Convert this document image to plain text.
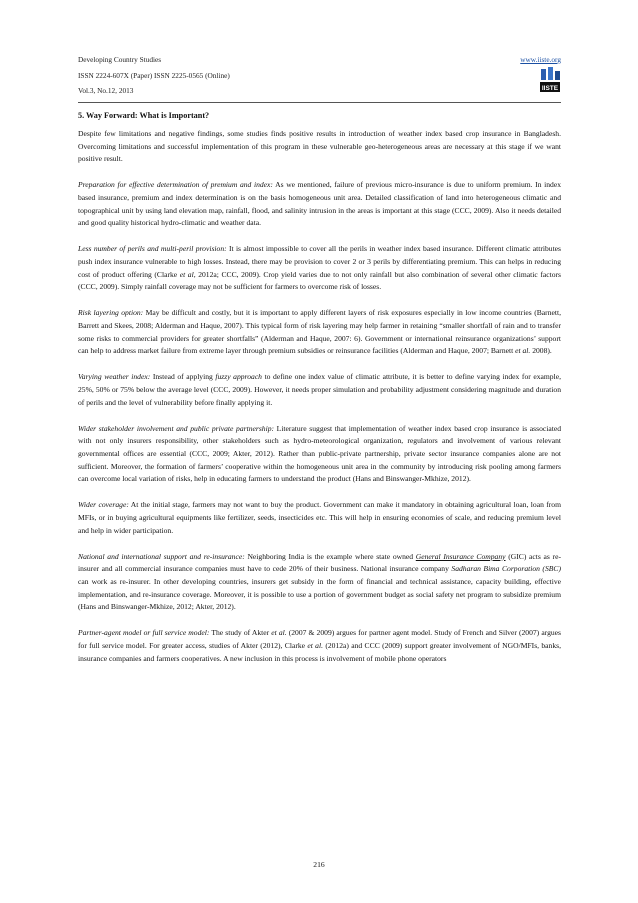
Developing Country Studies
ISSN 2224-607X (Paper) ISSN 2225-0565 (Online)
Vol.3, No.12, 2013
www.iiste.org
IISTE
5. Way Forward: What is Important?

Despite few limitations and negative findings, some studies finds positive results in introduction of weather index based crop insurance in Bangladesh. Overcoming limitations and successful implementation of this program in these vulnerable geo-heterogeneous areas are necessary at this stage if we want positive result.

Preparation for effective determination of premium and index: As we mentioned, failure of previous micro-insurance is due to uniform premium. In index based insurance, premium and index determination is on the basis homogeneous unit area. Detailed classification of land into heterogeneous climatic and topographical unit by using land elevation map, rainfall, flood, and salinity intrusion in the areas is important at this stage (CCC, 2009). Also it needs detailed and good quality historical hydro-climatic and weather data.

Less number of perils and multi-peril provision: It is almost impossible to cover all the perils in weather index based insurance. Different climatic attributes push index insurance vulnerable to high losses. Instead, there may be provision to cover 2 or 3 perils by differentiating premium. This can helps in reducing cost of product offering (Clarke et al, 2012a; CCC, 2009). Crop yield varies due to not only rainfall but also combination of several other climatic factors (CCC, 2009). Simply rainfall coverage may not be sufficient for farmers to overcome risk of losses.

Risk layering option: May be difficult and costly, but it is important to apply different layers of risk exposures especially in low income countries (Barnett, Barrett and Skees, 2008; Alderman and Haque, 2007). This typical form of risk layering may help farmer in retaining “smaller shortfall of rain and to transfer some risks to commercial providers for greater shortfalls” (Alderman and Haque, 2007: 6). Government or international reinsurance organizations’ support can help to address market failure from extreme layer through premium subsidies or reinsurance facilities (Alderman and Haque, 2007; Barnett et al. 2008).

Varying weather index: Instead of applying fuzzy approach to define one index value of climatic attribute, it is better to define varying index for example, 25%, 50% or 75% below the average level (CCC, 2009). However, it needs proper simulation and probability adjustment considering magnitude and duration of perils and the level of vulnerability before finally applying it.

Wider stakeholder involvement and public private partnership: Literature suggest that implementation of weather index based crop insurance is associated with not only insurers responsibility, other stakeholders such as hydro-meteorological organization, regulators and involvement of various relevant governmental offices are essential (CCC, 2009; Akter, 2012). Rather than public-private partnership, private sector insurance companies alone are not sufficient. Moreover, the formation of farmers’ cooperative within the homogeneous unit area in the community by introducing risk pooling among farmers can overcome local variation of risks, help in educating farmers to understand the product (Hans and Binswanger-Mkhize, 2012).

Wider coverage: At the initial stage, farmers may not want to buy the product. Government can make it mandatory in obtaining agricultural loan, loan from MFIs, or in buying agricultural equipments like fertilizer, seeds, insecticides etc. This will help in ensuring economies of scale, and reducing premium level and help in wider participation.

National and international support and re-insurance: Neighboring India is the example where state owned General Insurance Company (GIC) acts as re-insurer and all commercial insurance companies must have to cede 20% of their business. National insurance company Sadharan Bima Corporation (SBC) can work as re-insurer. In other developing countries, insurers get subsidy in the form of financial and technical assistance, capacity building, effective implementation, and re-insurance coverage. Moreover, it is possible to use a portion of government budget as social safety net program to subsidize premium (Hans and Binswanger-Mkhize, 2012; Akter, 2012).

Partner-agent model or full service model: The study of Akter et al. (2007 & 2009) argues for partner agent model. Study of French and Silver (2007) argues for full service model. For greater access, studies of Akter (2012), Clarke et al. (2012a) and CCC (2009) support greater involvement of NGO/MFIs, banks, insurance companies and farmers cooperatives. A new inclusion in this process is involvement of mobile phone operators

216
